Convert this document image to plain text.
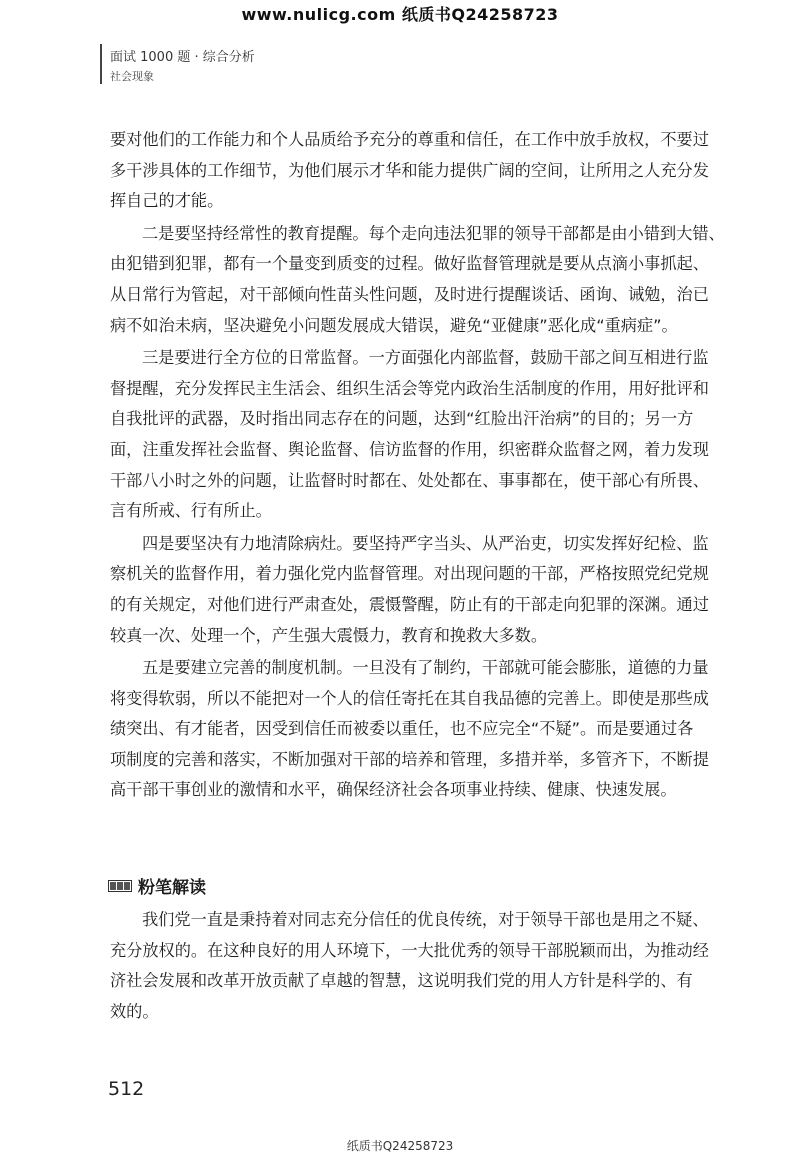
www.nulicg.com 纸质书Q24258723
面试 1000 题 · 综合分析
社会现象
要对他们的工作能力和个人品质给予充分的尊重和信任，在工作中放手放权，不要过
多干涉具体的工作细节，为他们展示才华和能力提供广阔的空间，让所用之人充分发
挥自己的才能。
二是要坚持经常性的教育提醒。每个走向违法犯罪的领导干部都是由小错到大错、
由犯错到犯罪，都有一个量变到质变的过程。做好监督管理就是要从点滴小事抓起、
从日常行为管起，对干部倾向性苗头性问题，及时进行提醒谈话、函询、诫勉，治已
病不如治未病，坚决避免小问题发展成大错误，避免“亚健康”恶化成“重病症”。
三是要进行全方位的日常监督。一方面强化内部监督，鼓励干部之间互相进行监
督提醒，充分发挥民主生活会、组织生活会等党内政治生活制度的作用，用好批评和
自我批评的武器，及时指出同志存在的问题，达到“红脸出汗治病”的目的；另一方
面，注重发挥社会监督、舆论监督、信访监督的作用，织密群众监督之网，着力发现
干部八小时之外的问题，让监督时时都在、处处都在、事事都在，使干部心有所畏、
言有所戒、行有所止。
四是要坚决有力地清除病灶。要坚持严字当头、从严治吏，切实发挥好纪检、监
察机关的监督作用，着力强化党内监督管理。对出现问题的干部，严格按照党纪党规
的有关规定，对他们进行严肃查处，震慑警醒，防止有的干部走向犯罪的深渊。通过
较真一次、处理一个，产生强大震慑力，教育和挽救大多数。
五是要建立完善的制度机制。一旦没有了制约，干部就可能会膨胀，道德的力量
将变得软弱，所以不能把对一个人的信任寄托在其自我品德的完善上。即使是那些成
绩突出、有才能者，因受到信任而被委以重任，也不应完全“不疑”。而是要通过各
项制度的完善和落实，不断加强对干部的培养和管理，多措并举，多管齐下，不断提
高干部干事创业的激情和水平，确保经济社会各项事业持续、健康、快速发展。
粉笔解读
我们党一直是秉持着对同志充分信任的优良传统，对于领导干部也是用之不疑、
充分放权的。在这种良好的用人环境下，一大批优秀的领导干部脱颖而出，为推动经
济社会发展和改革开放贡献了卓越的智慧，这说明我们党的用人方针是科学的、有
效的。
512
纸质书Q24258723
